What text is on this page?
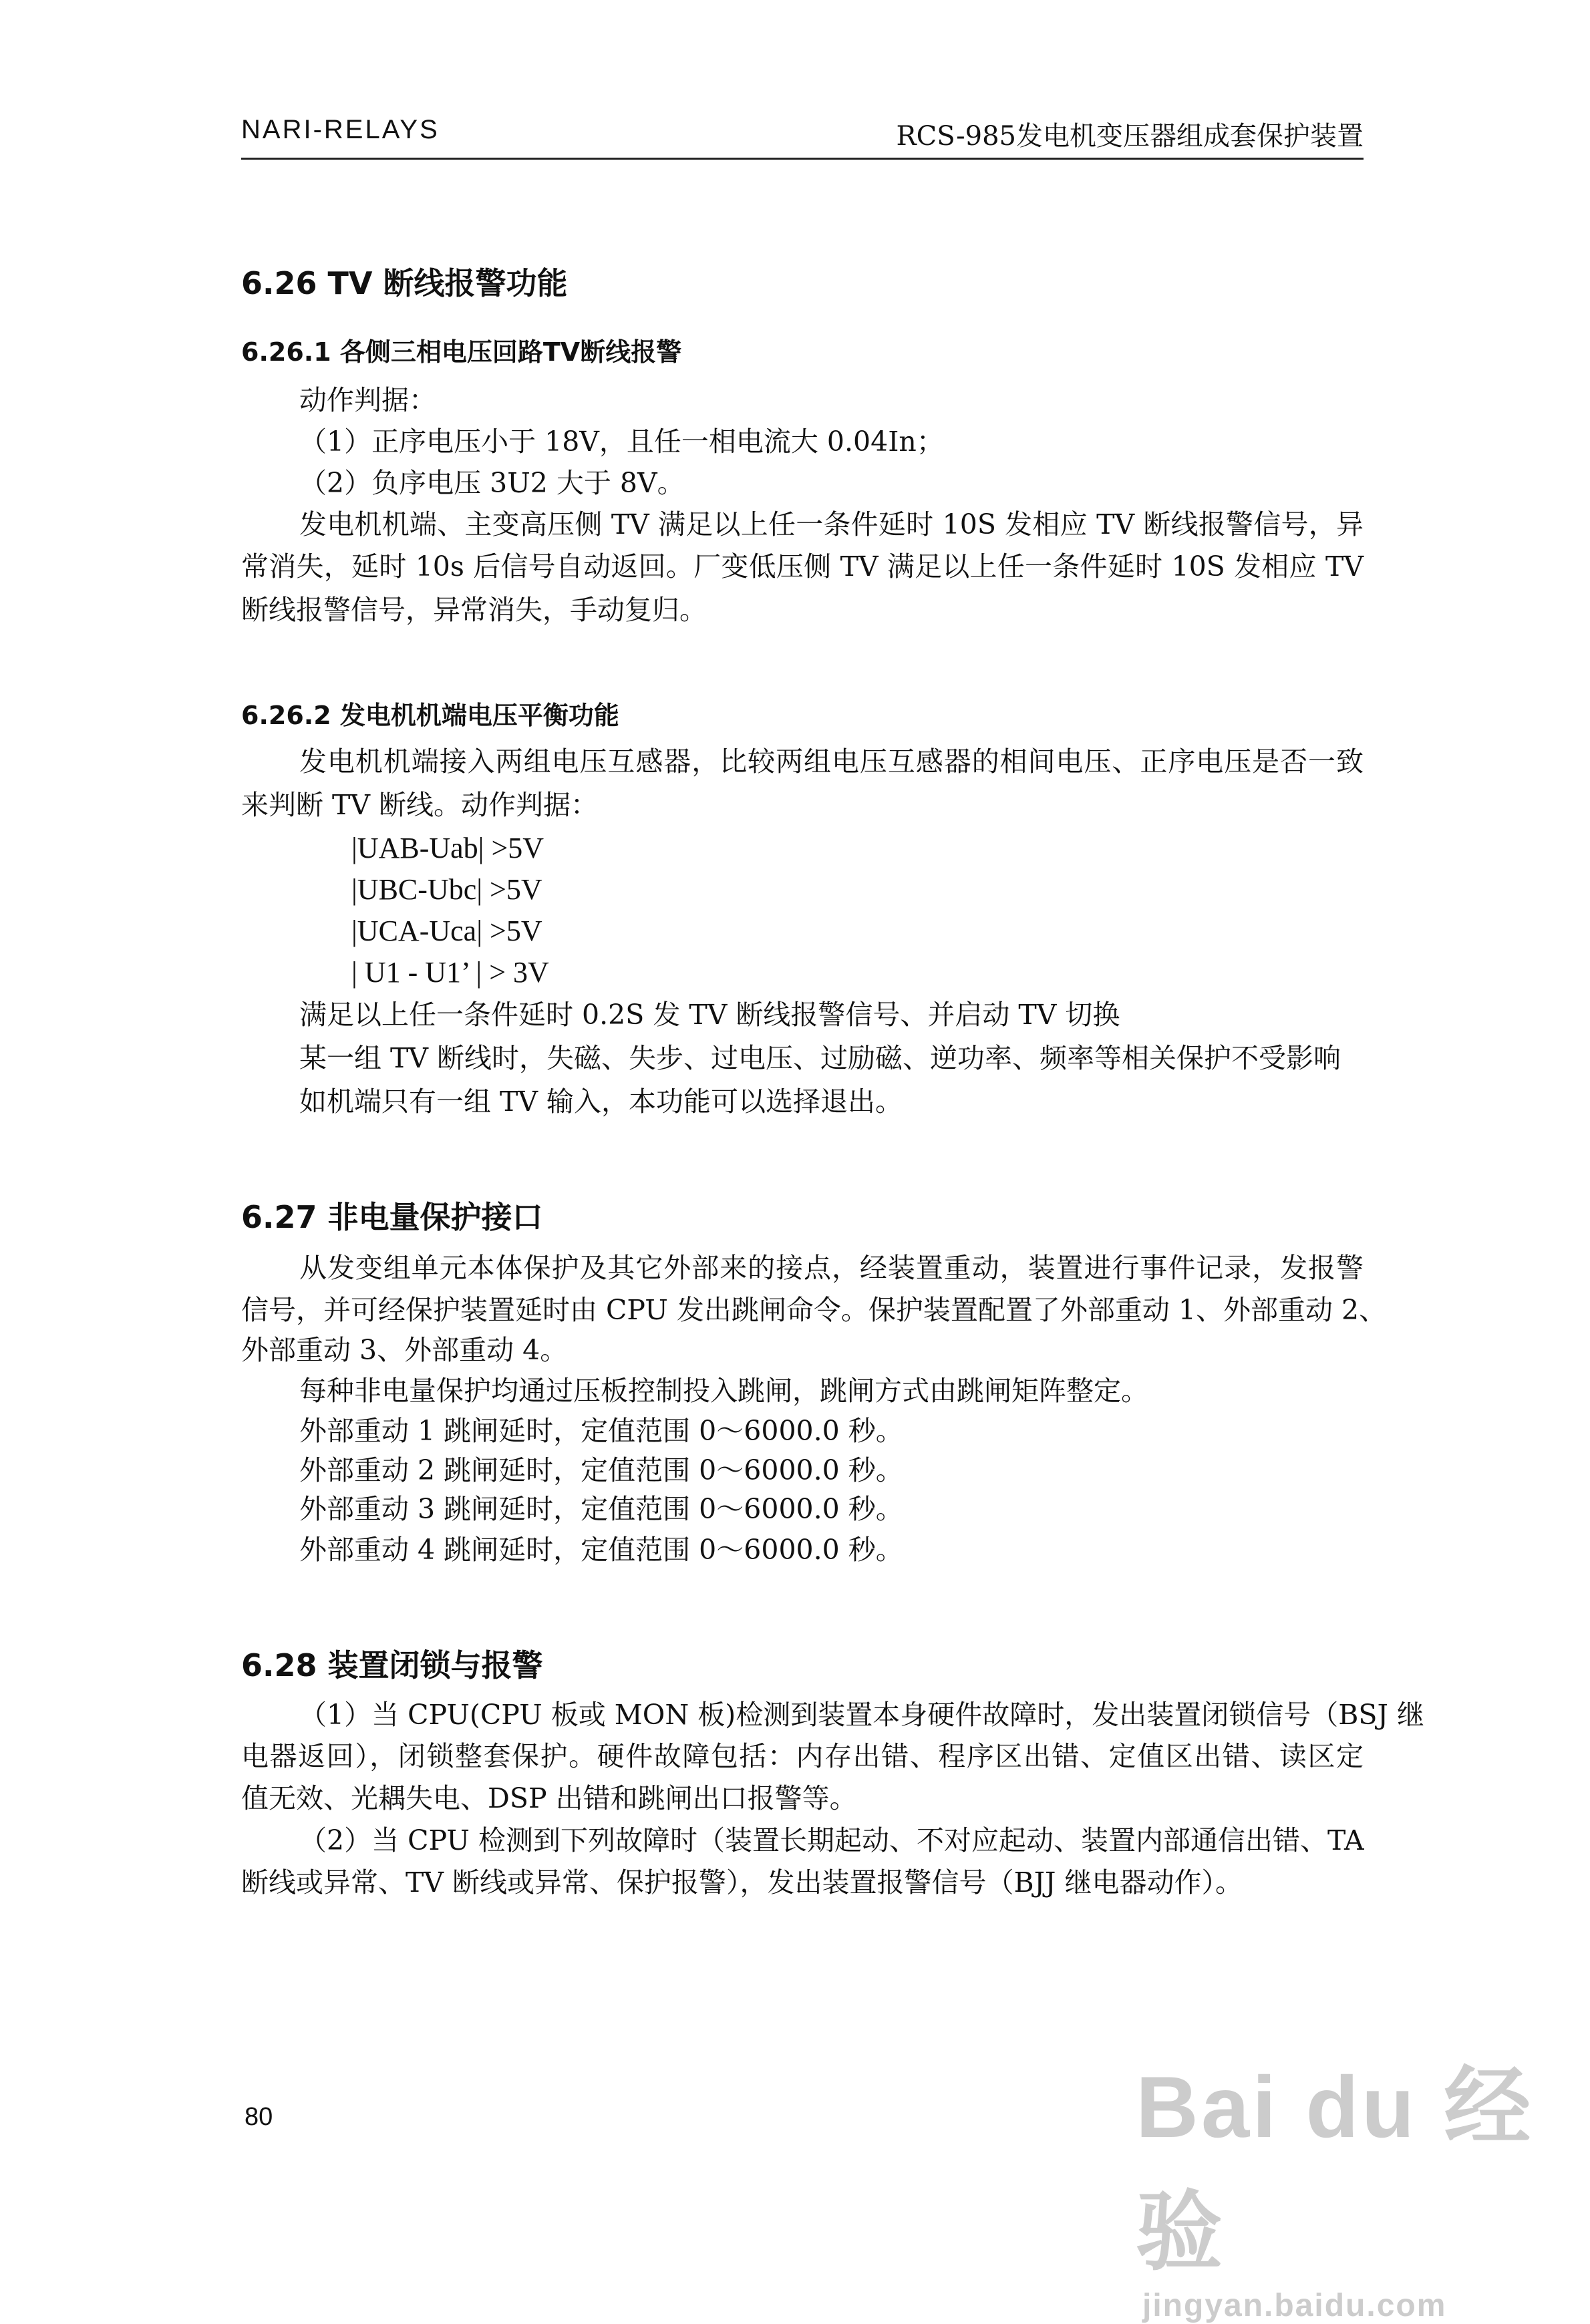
NARI-RELAYS	RCS-985发电机变压器组成套保护装置
6.26 TV 断线报警功能
6.26.1 各侧三相电压回路TV断线报警
动作判据：
（1）正序电压小于 18V，且任一相电流大 0.04In；
（2）负序电压 3U2 大于 8V。
发电机机端、主变高压侧 TV 满足以上任一条件延时 10S 发相应 TV 断线报警信号，异
常消失，延时 10s 后信号自动返回。厂变低压侧 TV 满足以上任一条件延时 10S 发相应 TV
断线报警信号，异常消失，手动复归。
6.26.2 发电机机端电压平衡功能
发电机机端接入两组电压互感器，比较两组电压互感器的相间电压、正序电压是否一致
来判断 TV 断线。动作判据：
|UAB-Uab| >5V
|UBC-Ubc| >5V
|UCA-Uca| >5V
| U1 - U1’ | > 3V
满足以上任一条件延时 0.2S 发 TV 断线报警信号、并启动 TV 切换
某一组 TV 断线时，失磁、失步、过电压、过励磁、逆功率、频率等相关保护不受影响
如机端只有一组 TV 输入，本功能可以选择退出。
6.27 非电量保护接口
从发变组单元本体保护及其它外部来的接点，经装置重动，装置进行事件记录，发报警
信号，并可经保护装置延时由 CPU 发出跳闸命令。保护装置配置了外部重动 1、外部重动 2、
外部重动 3、外部重动 4。
每种非电量保护均通过压板控制投入跳闸，跳闸方式由跳闸矩阵整定。
外部重动 1 跳闸延时，定值范围 0～6000.0 秒。
外部重动 2 跳闸延时，定值范围 0～6000.0 秒。
外部重动 3 跳闸延时，定值范围 0～6000.0 秒。
外部重动 4 跳闸延时，定值范围 0～6000.0 秒。
6.28 装置闭锁与报警
（1）当 CPU(CPU 板或 MON 板)检测到装置本身硬件故障时，发出装置闭锁信号（BSJ 继
电器返回），闭锁整套保护。硬件故障包括：内存出错、程序区出错、定值区出错、读区定
值无效、光耦失电、DSP 出错和跳闸出口报警等。
（2）当 CPU 检测到下列故障时（装置长期起动、不对应起动、装置内部通信出错、TA
断线或异常、TV 断线或异常、保护报警），发出装置报警信号（BJJ 继电器动作）。
80	Bai du 经验
jingyan.baidu.com
